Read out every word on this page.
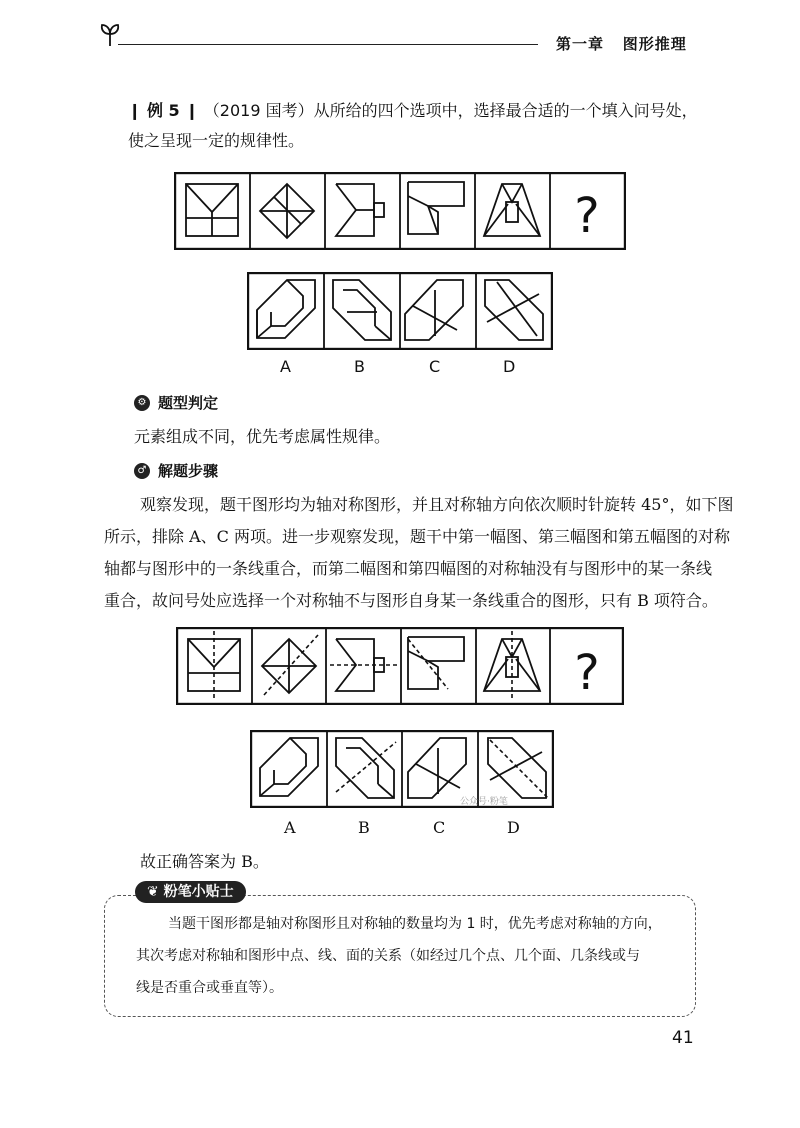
第一章 图形推理
❙ 例 5 ❙ （2019 国考）从所给的四个选项中，选择最合适的一个填入问号处，
使之呈现一定的规律性。
?
A	B	C	D
⚙ 题型判定
元素组成不同，优先考虑属性规律。
♂ 解题步骤
观察发现，题干图形均为轴对称图形，并且对称轴方向依次顺时针旋转 45°，如下图
所示，排除 A、C 两项。进一步观察发现，题干中第一幅图、第三幅图和第五幅图的对称
轴都与图形中的一条线重合，而第二幅图和第四幅图的对称轴没有与图形中的某一条线
重合，故问号处应选择一个对称轴不与图形自身某一条线重合的图形，只有 B 项符合。
?
公众号·粉笔
A	B	C	D
故正确答案为 B。
❦ 粉笔小贴士
当题干图形都是轴对称图形且对称轴的数量均为 1 时，优先考虑对称轴的方向，
其次考虑对称轴和图形中点、线、面的关系（如经过几个点、几个面、几条线或与
线是否重合或垂直等）。
41
